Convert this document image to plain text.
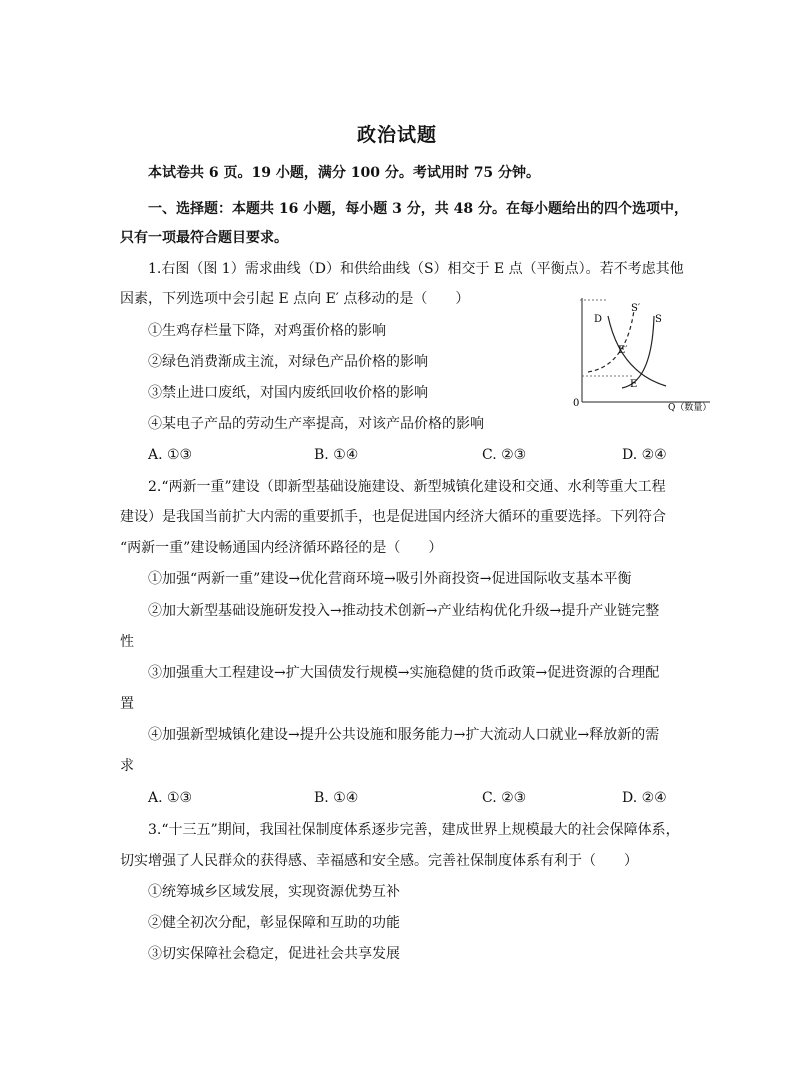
政治试题
本试卷共 6 页。19 小题，满分 100 分。考试用时 75 分钟。
一、选择题：本题共 16 小题，每小题 3 分，共 48 分。在每小题给出的四个选项中，
只有一项最符合题目要求。
1.右图（图 1）需求曲线（D）和供给曲线（S）相交于 E 点（平衡点）。若不考虑其他
因素，下列选项中会引起 E 点向 E′ 点移动的是（　　）
①生鸡存栏量下降，对鸡蛋价格的影响
②绿色消费渐成主流，对绿色产品价格的影响
③禁止进口废纸，对国内废纸回收价格的影响
④某电子产品的劳动生产率提高，对该产品价格的影响
A. ①③	B. ①④	C. ②③	D. ②④
D
S′
S
E′
E
0	Q（数量）
2.“两新一重”建设（即新型基础设施建设、新型城镇化建设和交通、水利等重大工程
建设）是我国当前扩大内需的重要抓手，也是促进国内经济大循环的重要选择。下列符合
“两新一重”建设畅通国内经济循环路径的是（　　）
①加强“两新一重”建设→优化营商环境→吸引外商投资→促进国际收支基本平衡
②加大新型基础设施研发投入→推动技术创新→产业结构优化升级→提升产业链完整
性
③加强重大工程建设→扩大国债发行规模→实施稳健的货币政策→促进资源的合理配
置
④加强新型城镇化建设→提升公共设施和服务能力→扩大流动人口就业→释放新的需
求
A. ①③	B. ①④	C. ②③	D. ②④
3.“十三五”期间，我国社保制度体系逐步完善，建成世界上规模最大的社会保障体系，
切实增强了人民群众的获得感、幸福感和安全感。完善社保制度体系有利于（　　）
①统筹城乡区域发展，实现资源优势互补
②健全初次分配，彰显保障和互助的功能
③切实保障社会稳定，促进社会共享发展
